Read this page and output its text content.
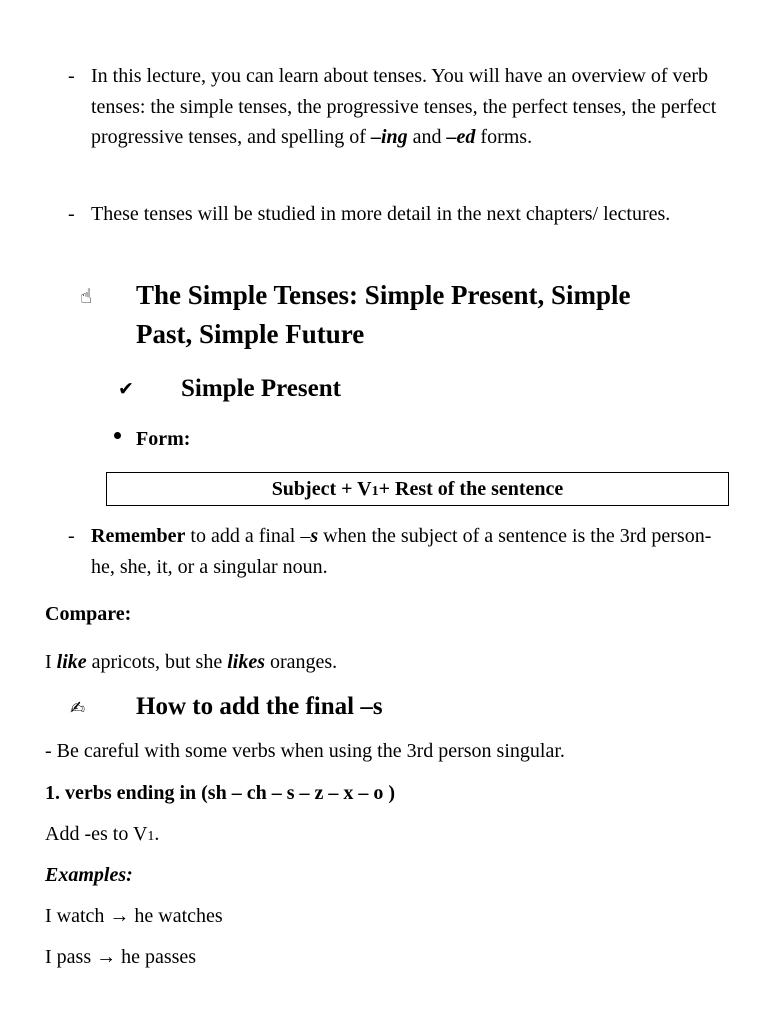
- In this lecture, you can learn about tenses. You will have an overview of verb tenses: the simple tenses, the progressive tenses, the perfect tenses, the perfect progressive tenses, and spelling of –ing and –ed forms.
- These tenses will be studied in more detail in the next chapters/ lectures.
☝ The Simple Tenses: Simple Present, Simple
Past, Simple Future
✔ Simple Present
Form:
Subject + V1+ Rest of the sentence
- Remember to add a final –s when the subject of a sentence is the 3rd person- he, she, it, or a singular noun.
Compare:
I like apricots, but she likes oranges.
✍ How to add the final –s
- Be careful with some verbs when using the 3rd person singular.
1. verbs ending in (sh – ch – s – z – x – o )
Add -es to V1.
Examples:
I watch → he watches
I pass → he passes
